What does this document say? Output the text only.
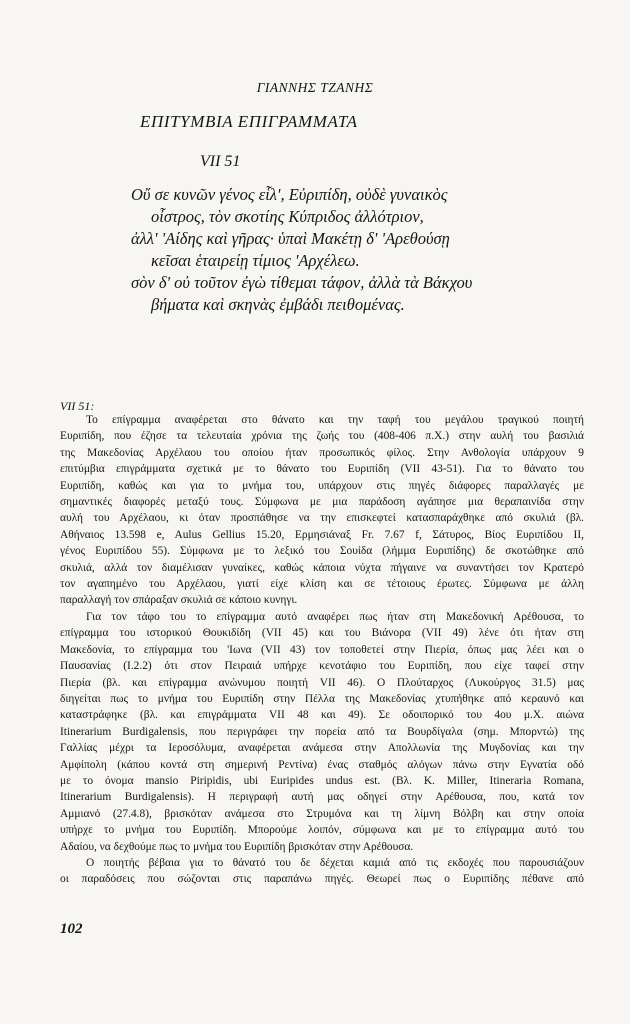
ΓΙΑΝΝΗΣ ΤΖΑΝΗΣ
ΕΠΙΤΥΜΒΙΑ ΕΠΙΓΡΑΜΜΑΤΑ
VII 51
Οὔ σε κυνῶν γένος εἷλ', Εὐριπίδη, οὐδὲ γυναικὸς
οἶστρος, τὸν σκοτίης Κύπριδος ἀλλότριον,
ἀλλ' 'Αίδης καὶ γῆρας· ὑπαὶ Μακέτῃ δ' 'Αρεθούσῃ
κεῖσαι ἑταιρείῃ τίμιος 'Αρχέλεω.
σὸν δ' οὐ τοῦτον ἐγὼ τίθεμαι τάφον, ἀλλὰ τὰ Βάκχου
βήματα καὶ σκηνὰς ἐμβάδι πειθομένας.
VII 51:

Το επίγραμμα αναφέρεται στο θάνατο και την ταφή του μεγάλου τραγικού ποιητή
Ευριπίδη, που έζησε τα τελευταία χρόνια της ζωής του (408-406 π.Χ.) στην αυλή του βασιλιά
της Μακεδονίας Αρχέλαου του οποίου ήταν προσωπικός φίλος. Στην Ανθολογία υπάρχουν 9
επιτύμβια επιγράμματα σχετικά με το θάνατο του Ευριπίδη (VII 43-51). Για το θάνατο του
Ευριπίδη, καθώς και για το μνήμα του, υπάρχουν στις πηγές διάφορες παραλλαγές με
σημαντικές διαφορές μεταξύ τους. Σύμφωνα με μια παράδοση αγάπησε μια θεραπαινίδα στην
αυλή του Αρχέλαου, κι όταν προσπάθησε να την επισκεφτεί κατασπαράχθηκε από σκυλιά (βλ.
Αθήναιος 13.598 e, Aulus Gellius 15.20, Ερμησιάναξ Fr. 7.67 f, Σάτυρος, Βίος Ευριπίδου II,
γένος Ευριπίδου 55). Σύμφωνα με το λεξικό του Σουίδα (λήμμα Ευριπίδης) δε σκοτώθηκε από
σκυλιά, αλλά τον διαμέλισαν γυναίκες, καθώς κάποια νύχτα πήγαινε να συναντήσει τον Κρατερό
τον αγαπημένο του Αρχέλαου, γιατί είχε κλίση και σε τέτοιους έρωτες. Σύμφωνα με άλλη
παραλλαγή τον σπάραξαν σκυλιά σε κάποιο κυνηγι.

Για τον τάφο του το επίγραμμα αυτό αναφέρει πως ήταν στη Μακεδονική Αρέθουσα, το
επίγραμμα του ιστορικού Θουκιδίδη (VII 45) και του Βιάνορα (VII 49) λένε ότι ήταν στη
Μακεδονία, το επίγραμμα του 'Ιωνα (VII 43) τον τοποθετεί στην Πιερία, όπως μας λέει και ο
Παυσανίας (I.2.2) ότι στον Πειραιά υπήρχε κενοτάφιο του Ευριπίδη, που είχε ταφεί στην
Πιερία (βλ. και επίγραμμα ανώνυμου ποιητή VII 46). Ο Πλούταρχος (Λυκούργος 31.5) μας
διηγείται πως το μνήμα του Ευριπίδη στην Πέλλα της Μακεδονίας χτυπήθηκε από κεραυνό και
καταστράφηκε (βλ. και επιγράμματα VII 48 και 49). Σε οδοιπορικό του 4ου μ.Χ. αιώνα
Itinerarium Burdigalensis, που περιγράφει την πορεία από τα Βουρδίγαλα (σημ. Μπορντώ) της
Γαλλίας μέχρι τα Ιεροσόλυμα, αναφέρεται ανάμεσα στην Απολλωνία της Μυγδονίας και την
Αμφίπολη (κάπου κοντά στη σημερινή Ρεντίνα) ένας σταθμός αλόγων πάνω στην Εγνατία οδό
με το όνομα mansio Piripidis, ubi Euripides undus est. (Βλ. K. Miller, Itineraria Romana,
Itinerarium Burdigalensis). Η περιγραφή αυτή μας οδηγεί στην Αρέθουσα, που, κατά τον
Αμμιανό (27.4.8), βρισκόταν ανάμεσα στο Στρυμόνα και τη λίμνη Βόλβη και στην οποία
υπήρχε το μνήμα του Ευριπίδη. Μπορούμε λοιπόν, σύμφωνα και με το επίγραμμα αυτό του
Αδαίου, να δεχθούμε πως το μνήμα του Ευριπίδη βρισκόταν στην Αρέθουσα.

Ο ποιητής βέβαια για το θάνατό του δε δέχεται καμιά από τις εκδοχές που παρουσιάζουν
οι παραδόσεις που σώζονται στις παραπάνω πηγές. Θεωρεί πως ο Ευριπίδης πέθανε από

102
